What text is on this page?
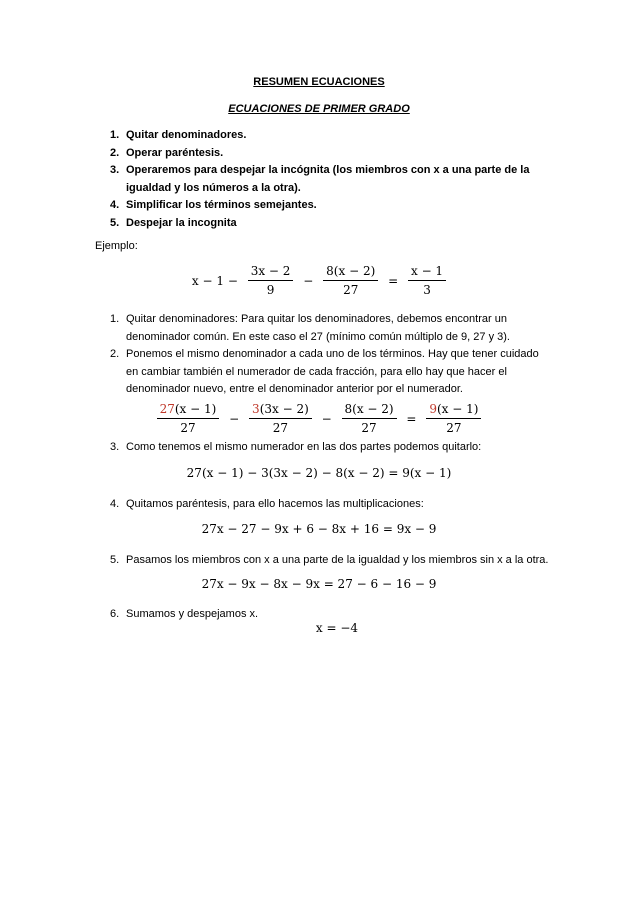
RESUMEN ECUACIONES
ECUACIONES DE PRIMER GRADO
1. Quitar denominadores.
2. Operar paréntesis.
3. Operaremos para despejar la incógnita (los miembros con x a una parte de la igualdad y los números a la otra).
4. Simplificar los términos semejantes.
5. Despejar la incognita
Ejemplo:
$x - 1 - \frac{3x - 2}{9} - \frac{8(x - 2)}{27} = \frac{x - 1}{3}$
1. Quitar denominadores: Para quitar los denominadores, debemos encontrar un denominador común. En este caso el 27 (mínimo común múltiplo de 9, 27 y 3).
2. Ponemos el mismo denominador a cada uno de los términos. Hay que tener cuidado en cambiar también el numerador de cada fracción, para ello hay que hacer el denominador nuevo, entre el denominador anterior por el numerador.
$\frac{27(x - 1)}{27} - \frac{3(3x - 2)}{27} - \frac{8(x - 2)}{27} = \frac{9(x - 1)}{27}$
3. Como tenemos el mismo numerador en las dos partes podemos quitarlo:
27(x − 1) − 3(3x − 2) − 8(x − 2) = 9(x − 1)
4. Quitamos paréntesis, para ello hacemos las multiplicaciones:
27x − 27 − 9x + 6 − 8x + 16 = 9x − 9
5. Pasamos los miembros con x a una parte de la igualdad y los miembros sin x a la otra.
27x − 9x − 8x − 9x = 27 − 6 − 16 − 9
6. Sumamos y despejamos x.
x = −4
